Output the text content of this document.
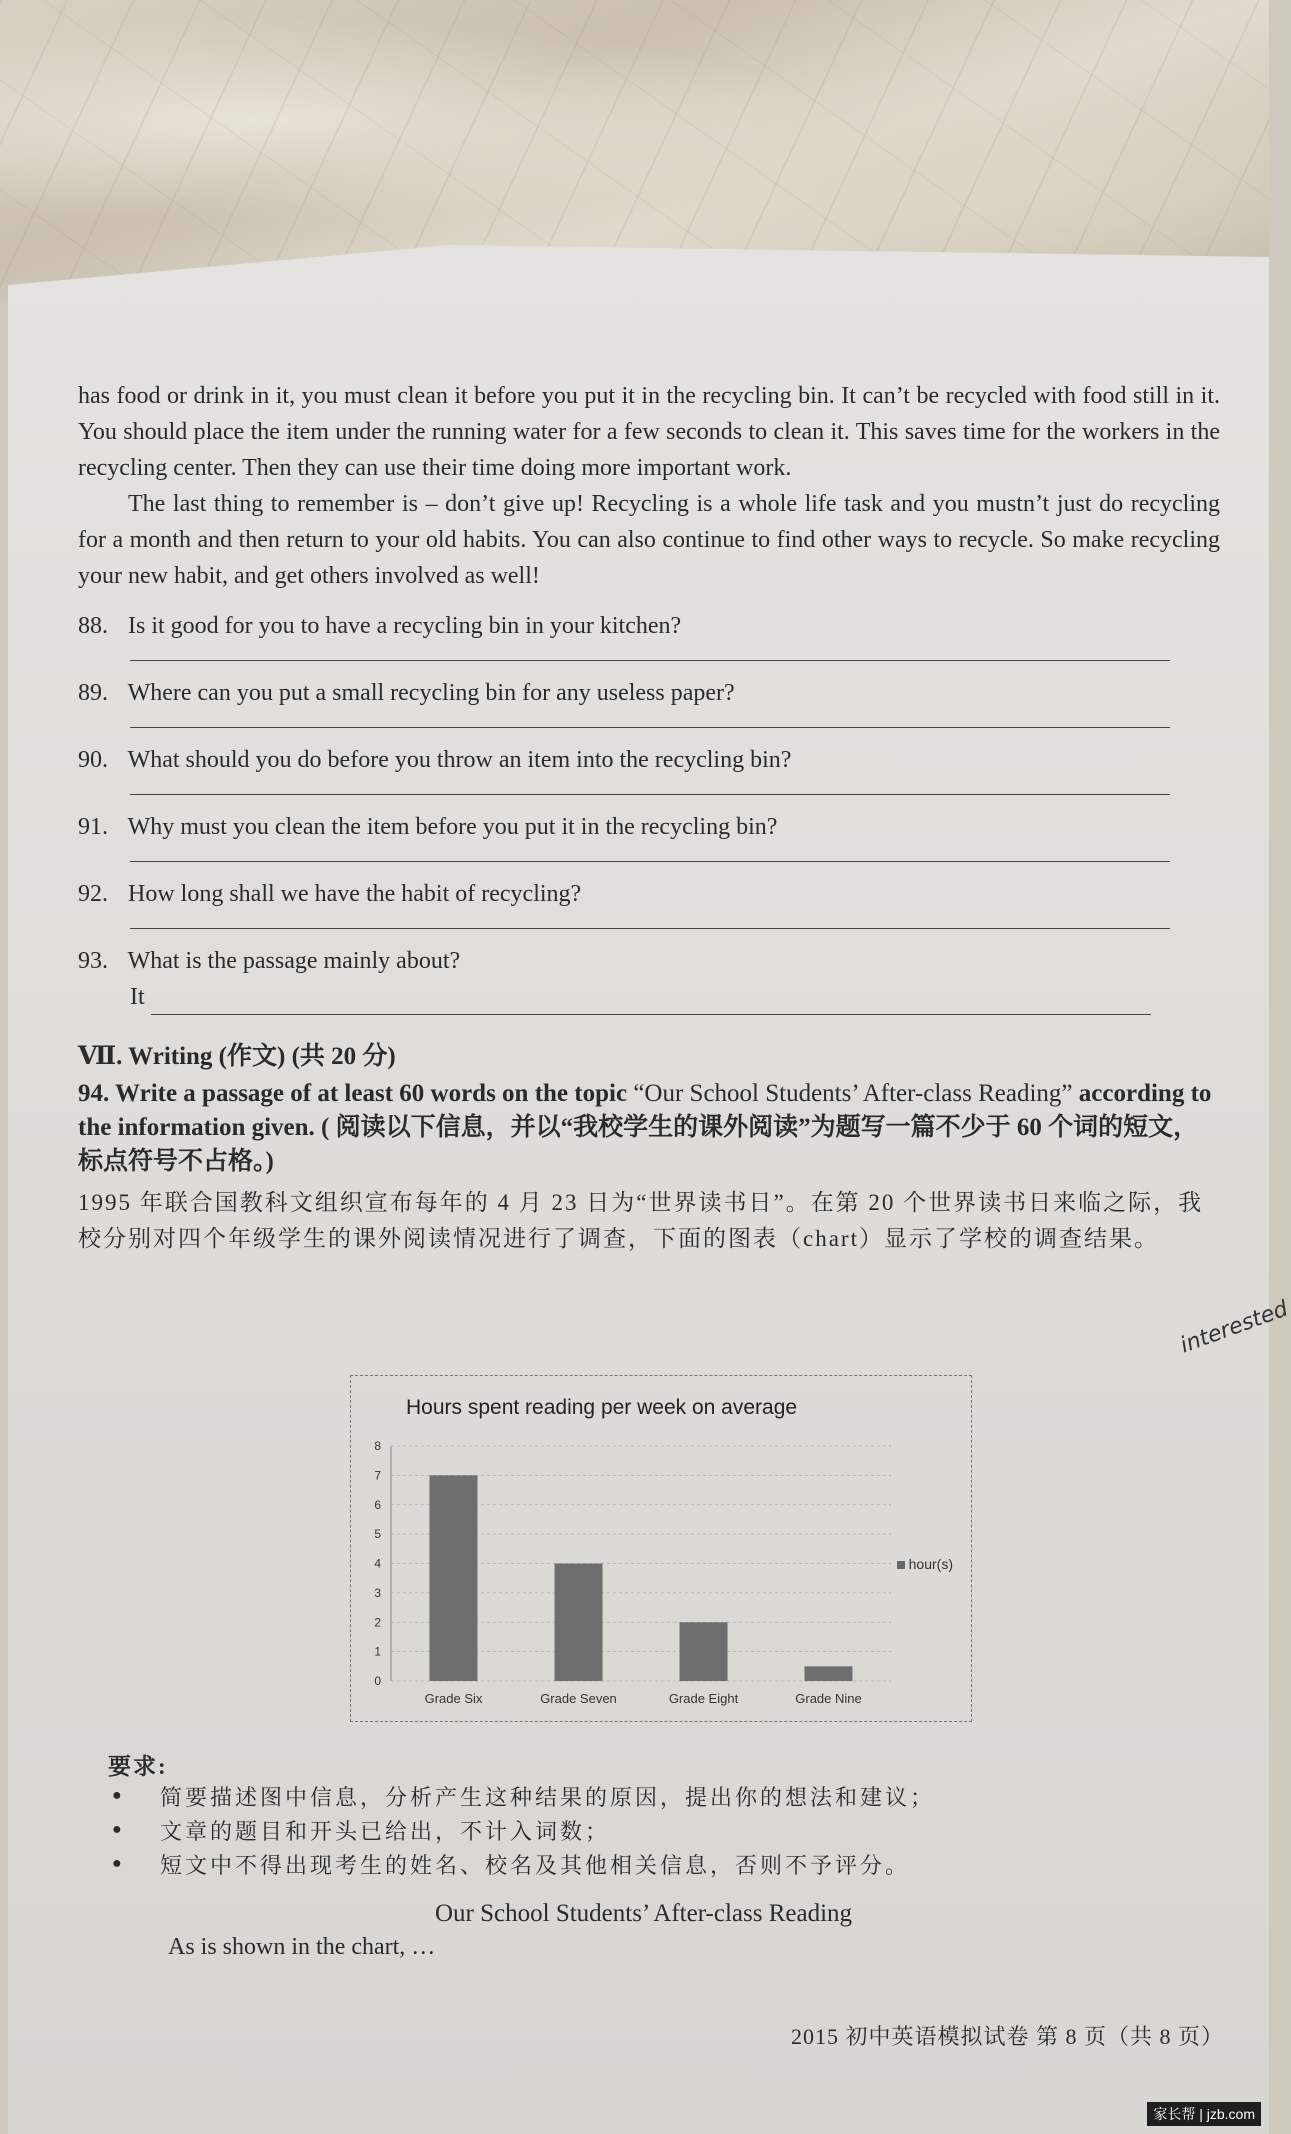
has food or drink in it, you must clean it before you put it in the recycling bin. It can’t be recycled with food still in it. You should place the item under the running water for a few seconds to clean it. This saves time for the workers in the recycling center. Then they can use their time doing more important work.

The last thing to remember is – don’t give up! Recycling is a whole life task and you mustn’t just do recycling for a month and then return to your old habits. You can also continue to find other ways to recycle. So make recycling your new habit, and get others involved as well!

88. Is it good for you to have a recycling bin in your kitchen?
89. Where can you put a small recycling bin for any useless paper?
90. What should you do before you throw an item into the recycling bin?
91. Why must you clean the item before you put it in the recycling bin?
92. How long shall we have the habit of recycling?
93. What is the passage mainly about?
It
Ⅶ. Writing (作文) (共 20 分)
94. Write a passage of at least 60 words on the topic “Our School Students’ After-class Reading” according to the information given. ( 阅读以下信息，并以“我校学生的课外阅读”为题写一篇不少于 60 个词的短文，标点符号不占格。)
1995 年联合国教科文组织宣布每年的 4 月 23 日为“世界读书日”。在第 20 个世界读书日来临之际，我校分别对四个年级学生的课外阅读情况进行了调查，下面的图表（chart）显示了学校的调查结果。
interested
Hours spent reading per week on average
0
1
2
3
4
5
6
7
8
Grade Six	Grade Seven	Grade Eight	Grade Nine
hour(s)
要求:
● 简要描述图中信息，分析产生这种结果的原因，提出你的想法和建议；
● 文章的题目和开头已给出，不计入词数；
● 短文中不得出现考生的姓名、校名及其他相关信息，否则不予评分。
Our School Students’ After-class Reading
As is shown in the chart, …
2015 初中英语模拟试卷 第 8 页（共 8 页）
家长帮 | jzb.com
